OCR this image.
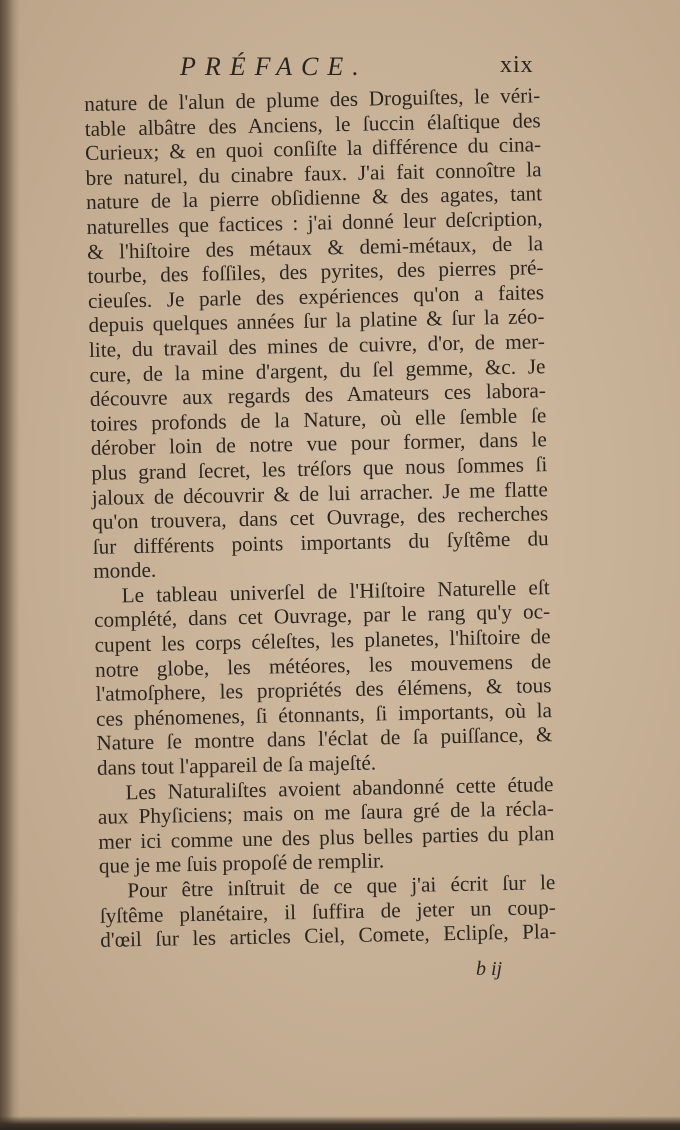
PRÉFACE.	xix
nature de l'alun de plume des Droguiſtes, le véri-
table albâtre des Anciens, le ſuccin élaſtique des
Curieux; & en quoi conſiſte la différence du cina-
bre naturel, du cinabre faux. J'ai fait connoître la
nature de la pierre obſidienne & des agates, tant
naturelles que factices : j'ai donné leur deſcription,
& l'hiſtoire des métaux & demi-métaux, de la
tourbe, des foſſiles, des pyrites, des pierres pré-
cieuſes. Je parle des expériences qu'on a faites
depuis quelques années ſur la platine & ſur la zéo-
lite, du travail des mines de cuivre, d'or, de mer-
cure, de la mine d'argent, du ſel gemme, &c. Je
découvre aux regards des Amateurs ces labora-
toires profonds de la Nature, où elle ſemble ſe
dérober loin de notre vue pour former, dans le
plus grand ſecret, les tréſors que nous ſommes ſi
jaloux de découvrir & de lui arracher. Je me flatte
qu'on trouvera, dans cet Ouvrage, des recherches
ſur différents points importants du ſyſtême du
monde.
Le tableau univerſel de l'Hiſtoire Naturelle eſt
complété, dans cet Ouvrage, par le rang qu'y oc-
cupent les corps céleſtes, les planetes, l'hiſtoire de
notre globe, les météores, les mouvemens de
l'atmoſphere, les propriétés des élémens, & tous
ces phénomenes, ſi étonnants, ſi importants, où la
Nature ſe montre dans l'éclat de ſa puiſſance, &
dans tout l'appareil de ſa majeſté.
Les Naturaliſtes avoient abandonné cette étude
aux Phyſiciens; mais on me ſaura gré de la récla-
mer ici comme une des plus belles parties du plan
que je me ſuis propoſé de remplir.
Pour être inſtruit de ce que j'ai écrit ſur le
ſyſtême planétaire, il ſuffira de jeter un coup-
d'œil ſur les articles Ciel, Comete, Eclipſe, Pla-
b ij
